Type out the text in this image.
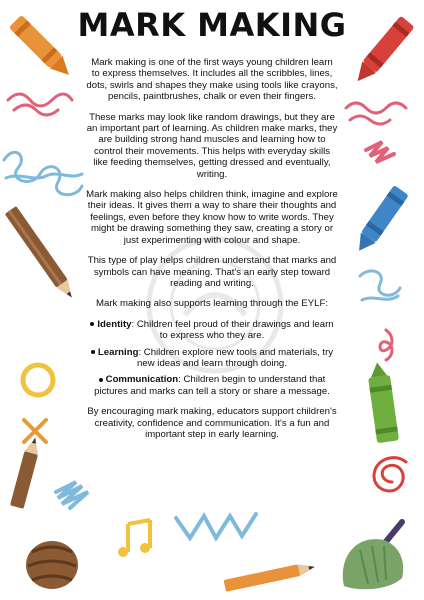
MARK MAKING

Mark making is one of the first ways young children learn to express themselves. It includes all the scribbles, lines, dots, swirls and shapes they make using tools like crayons, pencils, paintbrushes, chalk or even their fingers.

These marks may look like random drawings, but they are an important part of learning. As children make marks, they are building strong hand muscles and learning how to control their movements. This helps with everyday skills like feeding themselves, getting dressed and eventually, writing.

Mark making also helps children think, imagine and explore their ideas. It gives them a way to share their thoughts and feelings, even before they know how to write words. They might be drawing something they saw, creating a story or just experimenting with colour and shape.

This type of play helps children understand that marks and symbols can have meaning. That's an early step toward reading and writing.

Mark making also supports learning through the EYLF:

Identity: Children feel proud of their drawings and learn to express who they are.
Learning: Children explore new tools and materials, try new ideas and learn through doing.
Communication: Children begin to understand that pictures and marks can tell a story or share a message.

By encouraging mark making, educators support children's creativity, confidence and communication. It's a fun and important step in early learning.
